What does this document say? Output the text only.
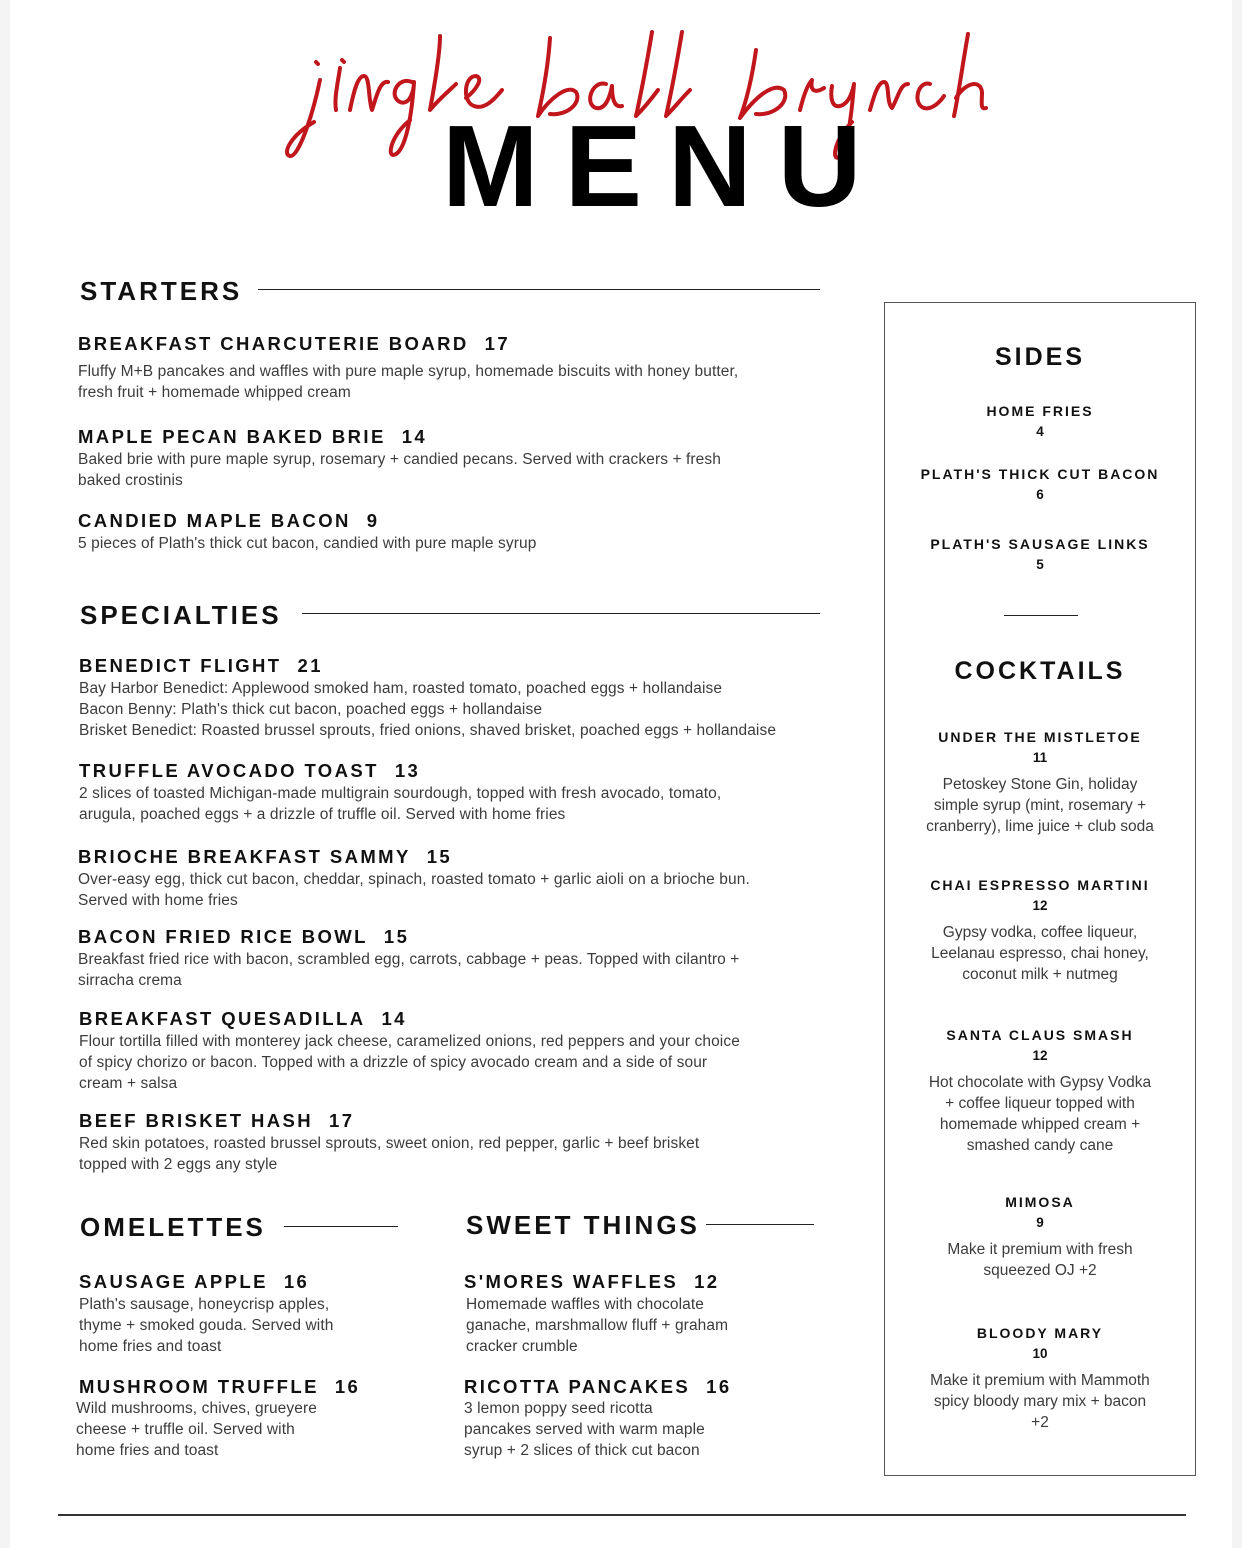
MENU
STARTERS
BREAKFAST CHARCUTERIE BOARD 17
Fluffy M+B pancakes and waffles with pure maple syrup, homemade biscuits with honey butter,
fresh fruit + homemade whipped cream
MAPLE PECAN BAKED BRIE 14
Baked brie with pure maple syrup, rosemary + candied pecans. Served with crackers + fresh
baked crostinis
CANDIED MAPLE BACON 9
5 pieces of Plath's thick cut bacon, candied with pure maple syrup
SPECIALTIES
BENEDICT FLIGHT 21
Bay Harbor Benedict: Applewood smoked ham, roasted tomato, poached eggs + hollandaise
Bacon Benny: Plath's thick cut bacon, poached eggs + hollandaise
Brisket Benedict: Roasted brussel sprouts, fried onions, shaved brisket, poached eggs + hollandaise
TRUFFLE AVOCADO TOAST 13
2 slices of toasted Michigan-made multigrain sourdough, topped with fresh avocado, tomato,
arugula, poached eggs + a drizzle of truffle oil. Served with home fries
BRIOCHE BREAKFAST SAMMY 15
Over-easy egg, thick cut bacon, cheddar, spinach, roasted tomato + garlic aioli on a brioche bun.
Served with home fries
BACON FRIED RICE BOWL 15
Breakfast fried rice with bacon, scrambled egg, carrots, cabbage + peas. Topped with cilantro +
sirracha crema
BREAKFAST QUESADILLA 14
Flour tortilla filled with monterey jack cheese, caramelized onions, red peppers and your choice
of spicy chorizo or bacon. Topped with a drizzle of spicy avocado cream and a side of sour
cream + salsa
BEEF BRISKET HASH 17
Red skin potatoes, roasted brussel sprouts, sweet onion, red pepper, garlic + beef brisket
topped with 2 eggs any style
OMELETTES
SAUSAGE APPLE 16
Plath's sausage, honeycrisp apples,
thyme + smoked gouda. Served with
home fries and toast
MUSHROOM TRUFFLE 16
Wild mushrooms, chives, grueyere
cheese + truffle oil. Served with
home fries and toast
SWEET THINGS
S'MORES WAFFLES 12
Homemade waffles with chocolate
ganache, marshmallow fluff + graham
cracker crumble
RICOTTA PANCAKES 16
3 lemon poppy seed ricotta
pancakes served with warm maple
syrup + 2 slices of thick cut bacon
SIDES
HOME FRIES
4
PLATH'S THICK CUT BACON
6
PLATH'S SAUSAGE LINKS
5
COCKTAILS
UNDER THE MISTLETOE
11
Petoskey Stone Gin, holiday
simple syrup (mint, rosemary +
cranberry), lime juice + club soda
CHAI ESPRESSO MARTINI
12
Gypsy vodka, coffee liqueur,
Leelanau espresso, chai honey,
coconut milk + nutmeg
SANTA CLAUS SMASH
12
Hot chocolate with Gypsy Vodka
+ coffee liqueur topped with
homemade whipped cream +
smashed candy cane
MIMOSA
9
Make it premium with fresh
squeezed OJ +2
BLOODY MARY
10
Make it premium with Mammoth
spicy bloody mary mix + bacon
+2
